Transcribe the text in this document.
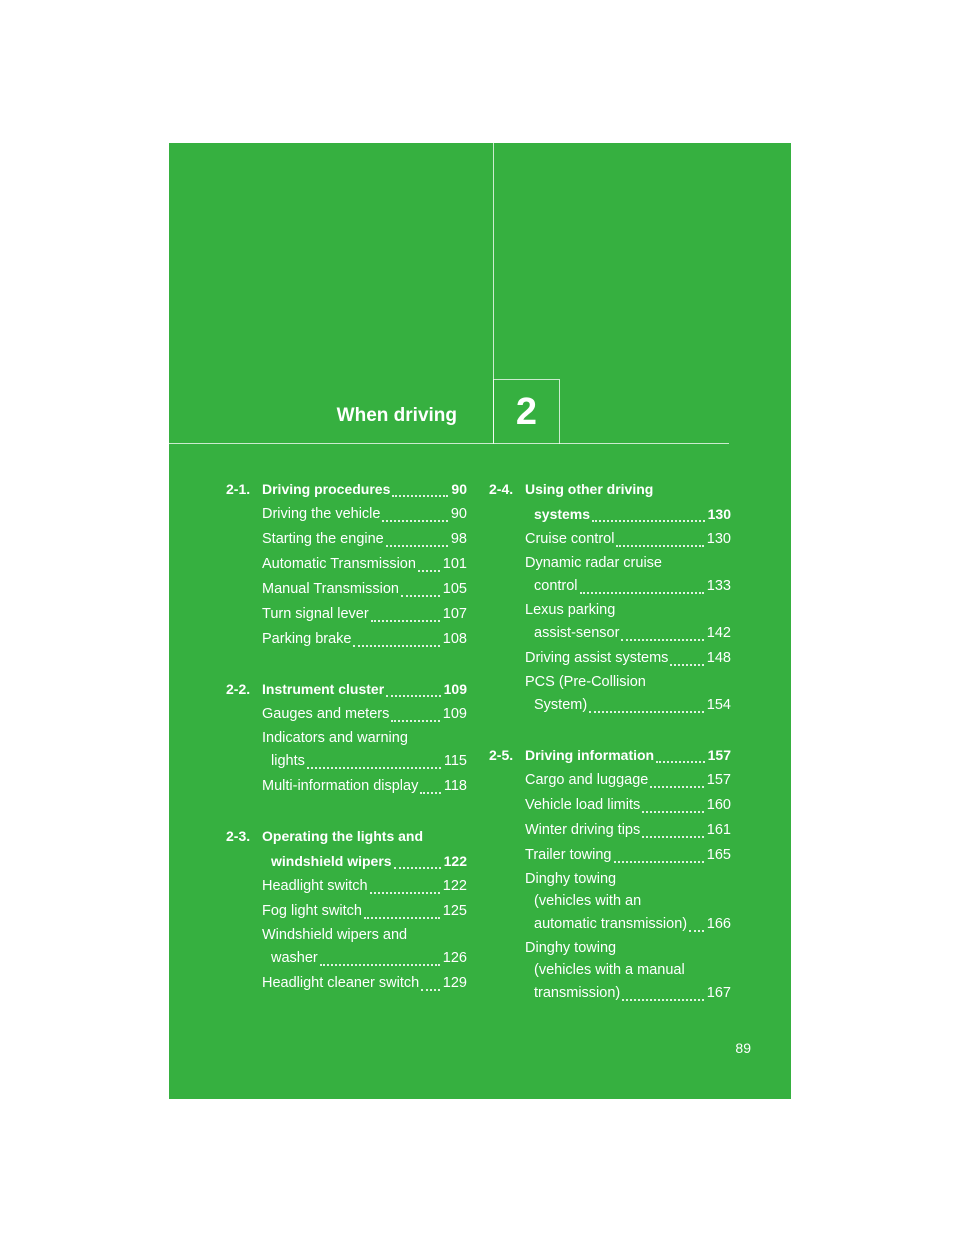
When driving 2
2-1. Driving procedures	90
Driving the vehicle	90
Starting the engine	98
Automatic Transmission 101
Manual Transmission	105
Turn signal lever	107
Parking brake	108
2-2. Instrument cluster	109
Gauges and meters	109
Indicators and warning
lights	115
Multi-information display 118
2-3. Operating the lights and
windshield wipers	122
Headlight switch	122
Fog light switch	125
Windshield wipers and
washer	126
Headlight cleaner switch 129
2-4. Using other driving
systems	130
Cruise control	130
Dynamic radar cruise
control	133
Lexus parking
assist-sensor	142
Driving assist systems	148
PCS (Pre-Collision
System)	154
2-5. Driving information	157
Cargo and luggage	157
Vehicle load limits	160
Winter driving tips	161
Trailer towing	165
Dinghy towing
(vehicles with an
automatic transmission) 166
Dinghy towing
(vehicles with a manual
transmission)	167
89
